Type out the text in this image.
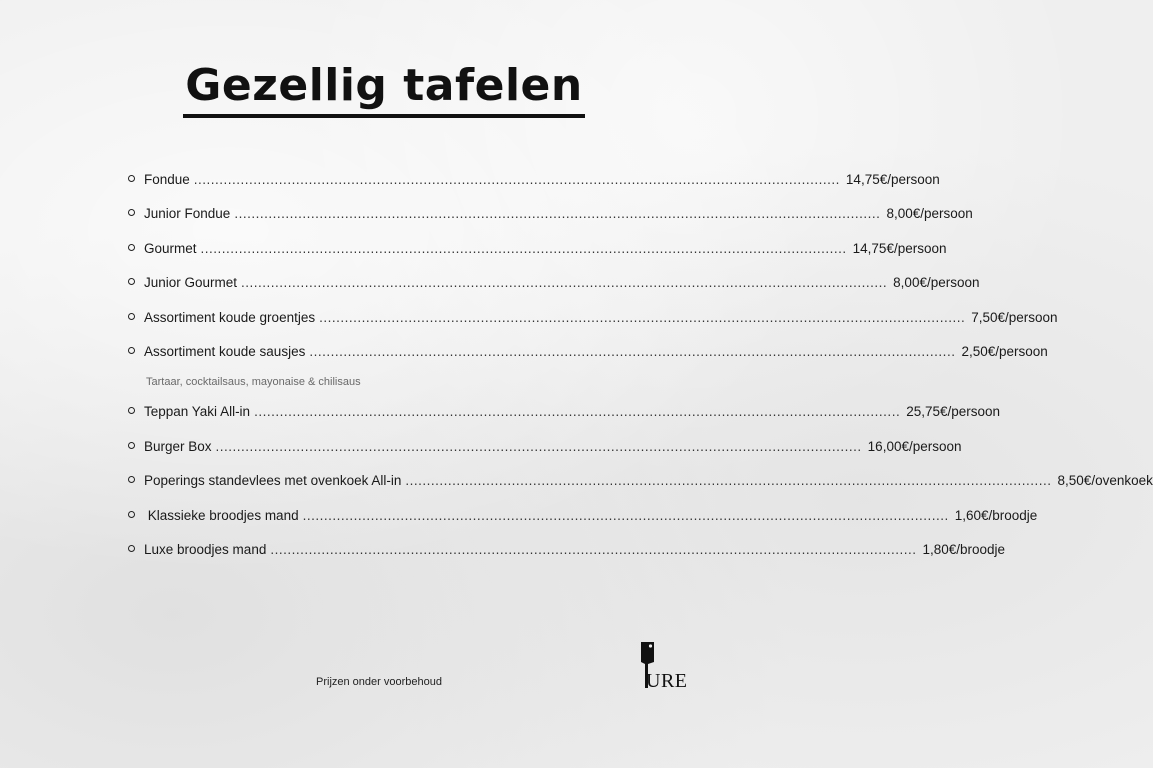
Gezellig tafelen
Fondue ........................................................................................................................................................ 14,75€/persoon
Junior Fondue ........................................................................................................................................................ 8,00€/persoon
Gourmet ........................................................................................................................................................ 14,75€/persoon
Junior Gourmet ........................................................................................................................................................ 8,00€/persoon
Assortiment koude groentjes ........................................................................................................................................................ 7,50€/persoon
Assortiment koude sausjes ........................................................................................................................................................ 2,50€/persoon
Tartaar, cocktailsaus, mayonaise & chilisaus
Teppan Yaki All-in ........................................................................................................................................................ 25,75€/persoon
Burger Box ........................................................................................................................................................ 16,00€/persoon
Poperings standevlees met ovenkoek All-in ........................................................................................................................................................ 8,50€/ovenkoek
Klassieke broodjes mand ........................................................................................................................................................ 1,60€/broodje
Luxe broodjes mand ........................................................................................................................................................ 1,80€/broodje
Prijzen onder voorbehoud	URE
